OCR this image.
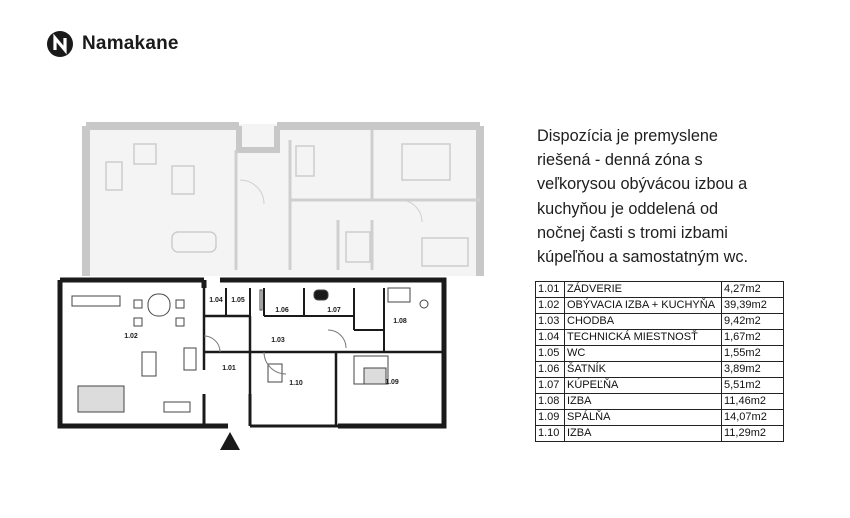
Namakane
1.02
1.01
1.04 1.05
1.06	1.07
1.08
1.03
1.10	1.09
Dispozícia je premyslene
riešená - denná zóna s
veľkorysou obývácou izbou a
kuchyňou je oddelená od
nočnej časti s tromi izbami
kúpeľňou a samostatným wc.
1.01	ZÁDVERIE	4,27m2
1.02	OBÝVACIA IZBA + KUCHYŇA	39,39m2
1.03	CHODBA	9,42m2
1.04	TECHNICKÁ MIESTNOSŤ	1,67m2
1.05	WC	1,55m2
1.06	ŠATNÍK	3,89m2
1.07	KÚPEĽŇA	5,51m2
1.08	IZBA	11,46m2
1.09	SPÁLŇA	14,07m2
1.10	IZBA	11,29m2
